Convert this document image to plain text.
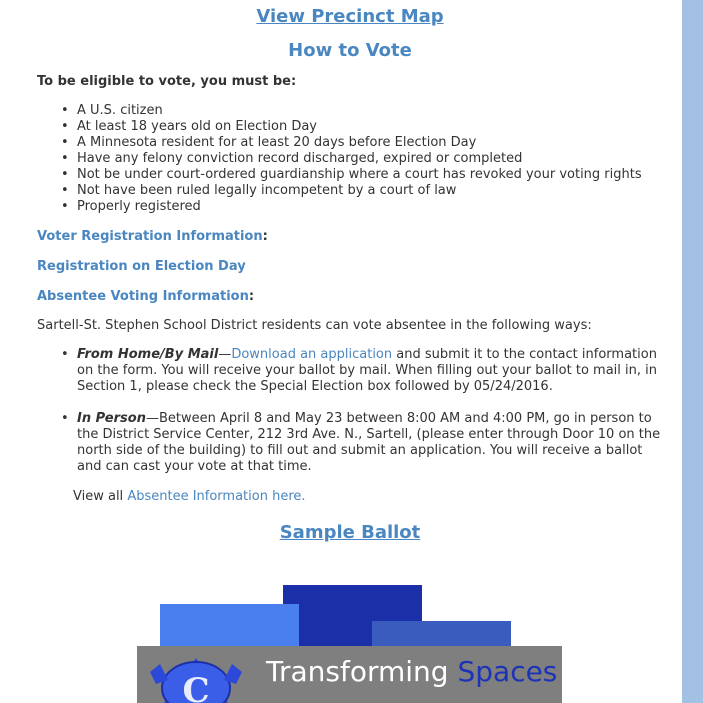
View Precinct Map
How to Vote
To be eligible to vote, you must be:
• A U.S. citizen
• At least 18 years old on Election Day
• A Minnesota resident for at least 20 days before Election Day
• Have any felony conviction record discharged, expired or completed
• Not be under court-ordered guardianship where a court has revoked your voting rights
• Not have been ruled legally incompetent by a court of law
• Properly registered
Voter Registration Information:
Registration on Election Day
Absentee Voting Information:
Sartell-St. Stephen School District residents can vote absentee in the following ways:
• From Home/By Mail—Download an application and submit it to the contact information on the form. You will receive your ballot by mail. When filling out your ballot to mail in, in Section 1, please check the Special Election box followed by 05/24/2016.
• In Person—Between April 8 and May 23 between 8:00 AM and 4:00 PM, go in person to the District Service Center, 212 3rd Ave. N., Sartell, (please enter through Door 10 on the north side of the building) to fill out and submit an application. You will receive a ballot and can cast your vote at that time.
View all Absentee Information here.
Sample Ballot
C Transforming Spaces
